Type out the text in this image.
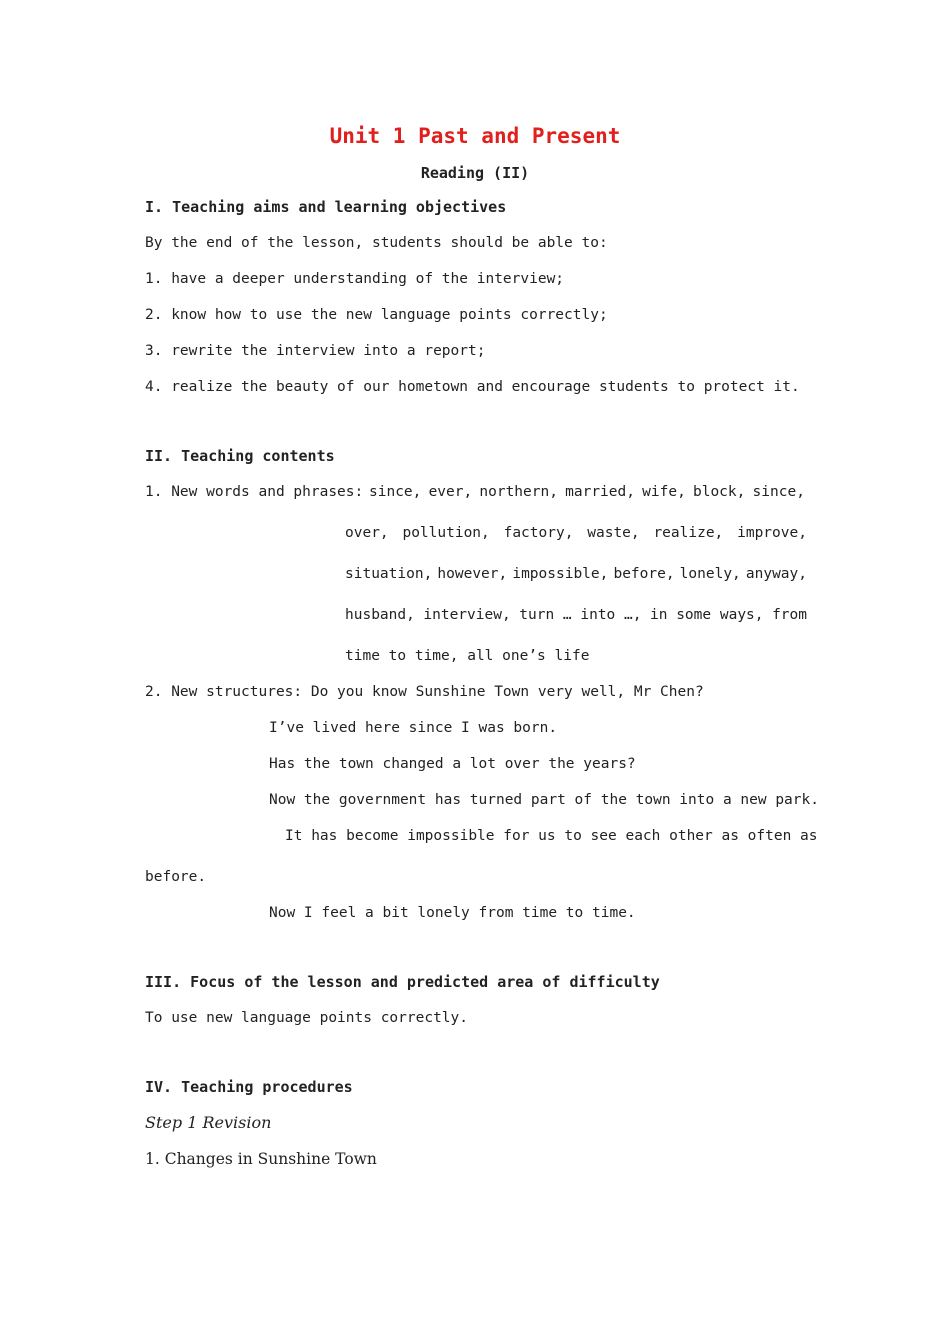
Unit 1 Past and Present
Reading (II)
I. Teaching aims and learning objectives
By the end of the lesson, students should be able to:
1. have a deeper understanding of the interview;
2. know how to use the new language points correctly;
3. rewrite the interview into a report;
4. realize the beauty of our hometown and encourage students to protect it.
II. Teaching contents
1. New words and phrases: since, ever, northern, married, wife, block, since,
over, pollution, factory, waste, realize, improve,
situation, however, impossible, before, lonely, anyway,
husband, interview, turn … into …, in some ways, from
time to time, all one’s life
2. New structures: Do you know Sunshine Town very well, Mr Chen?
I’ve lived here since I was born.
Has the town changed a lot over the years?
Now the government has turned part of the town into a new park.
It has become impossible for us to see each other as often as
before.
Now I feel a bit lonely from time to time.
III. Focus of the lesson and predicted area of difficulty
To use new language points correctly.
IV. Teaching procedures
Step 1 Revision
1. Changes in Sunshine Town
